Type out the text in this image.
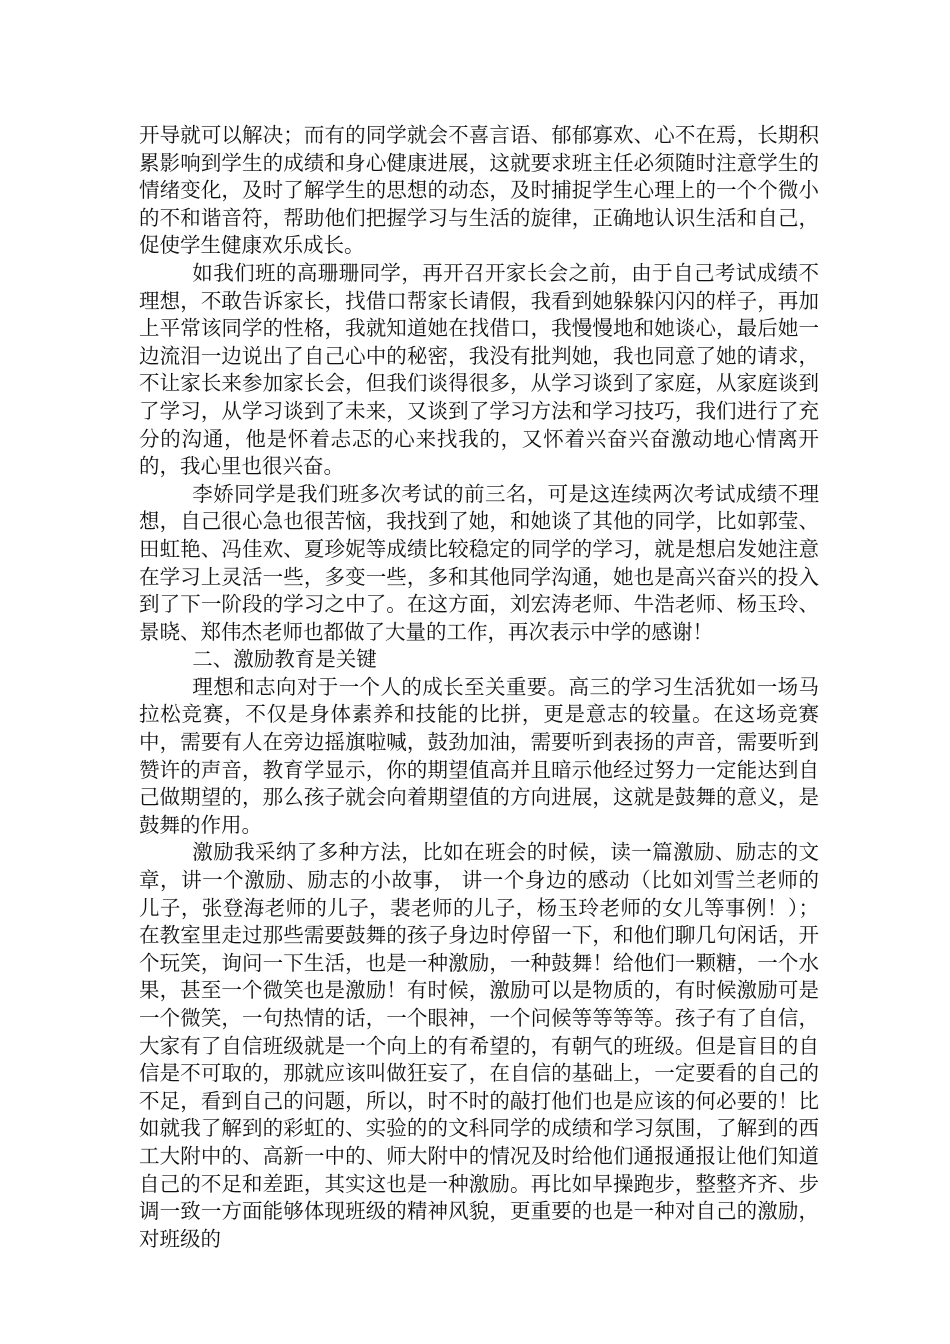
开导就可以解决；而有的同学就会不喜言语、郁郁寡欢、心不在焉，长期积累影响到学生的成绩和身心健康进展，这就要求班主任必须随时注意学生的情绪变化，及时了解学生的思想的动态，及时捕捉学生心理上的一个个微小的不和谐音符，帮助他们把握学习与生活的旋律，正确地认识生活和自己，促使学生健康欢乐成长。

如我们班的高珊珊同学，再开召开家长会之前，由于自己考试成绩不理想，不敢告诉家长，找借口帮家长请假，我看到她躲躲闪闪的样子，再加上平常该同学的性格，我就知道她在找借口，我慢慢地和她谈心，最后她一边流泪一边说出了自己心中的秘密，我没有批判她，我也同意了她的请求，不让家长来参加家长会，但我们谈得很多，从学习谈到了家庭，从家庭谈到了学习，从学习谈到了未来，又谈到了学习方法和学习技巧，我们进行了充分的沟通，他是怀着忐忑的心来找我的，又怀着兴奋兴奋激动地心情离开的，我心里也很兴奋。

李娇同学是我们班多次考试的前三名，可是这连续两次考试成绩不理想，自己很心急也很苦恼，我找到了她，和她谈了其他的同学，比如郭莹、田虹艳、冯佳欢、夏珍妮等成绩比较稳定的同学的学习，就是想启发她注意在学习上灵活一些，多变一些，多和其他同学沟通，她也是高兴奋兴的投入到了下一阶段的学习之中了。在这方面，刘宏涛老师、牛浩老师、杨玉玲、景晓、郑伟杰老师也都做了大量的工作，再次表示中学的感谢！

二、激励教育是关键

理想和志向对于一个人的成长至关重要。高三的学习生活犹如一场马拉松竞赛，不仅是身体素养和技能的比拼，更是意志的较量。在这场竞赛中，需要有人在旁边摇旗啦喊，鼓劲加油，需要听到表扬的声音，需要听到赞许的声音，教育学显示，你的期望值高并且暗示他经过努力一定能达到自己做期望的，那么孩子就会向着期望值的方向进展，这就是鼓舞的意义，是鼓舞的作用。

激励我采纳了多种方法，比如在班会的时候，读一篇激励、励志的文章，讲一个激励、励志的小故事， 讲一个身边的感动（比如刘雪兰老师的儿子，张登海老师的儿子，裴老师的儿子，杨玉玲老师的女儿等事例！）；在教室里走过那些需要鼓舞的孩子身边时停留一下，和他们聊几句闲话，开个玩笑，询问一下生活，也是一种激励，一种鼓舞！给他们一颗糖，一个水果，甚至一个微笑也是激励！有时候，激励可以是物质的，有时候激励可是一个微笑，一句热情的话，一个眼神，一个问候等等等等。孩子有了自信，大家有了自信班级就是一个向上的有希望的，有朝气的班级。但是盲目的自信是不可取的，那就应该叫做狂妄了，在自信的基础上，一定要看的自己的不足，看到自己的问题，所以，时不时的敲打他们也是应该的何必要的！比如就我了解到的彩虹的、实验的的文科同学的成绩和学习氛围，了解到的西工大附中的、高新一中的、师大附中的情况及时给他们通报通报让他们知道自己的不足和差距，其实这也是一种激励。再比如早操跑步，整整齐齐、步调一致一方面能够体现班级的精神风貌，更重要的也是一种对自己的激励，对班级的
